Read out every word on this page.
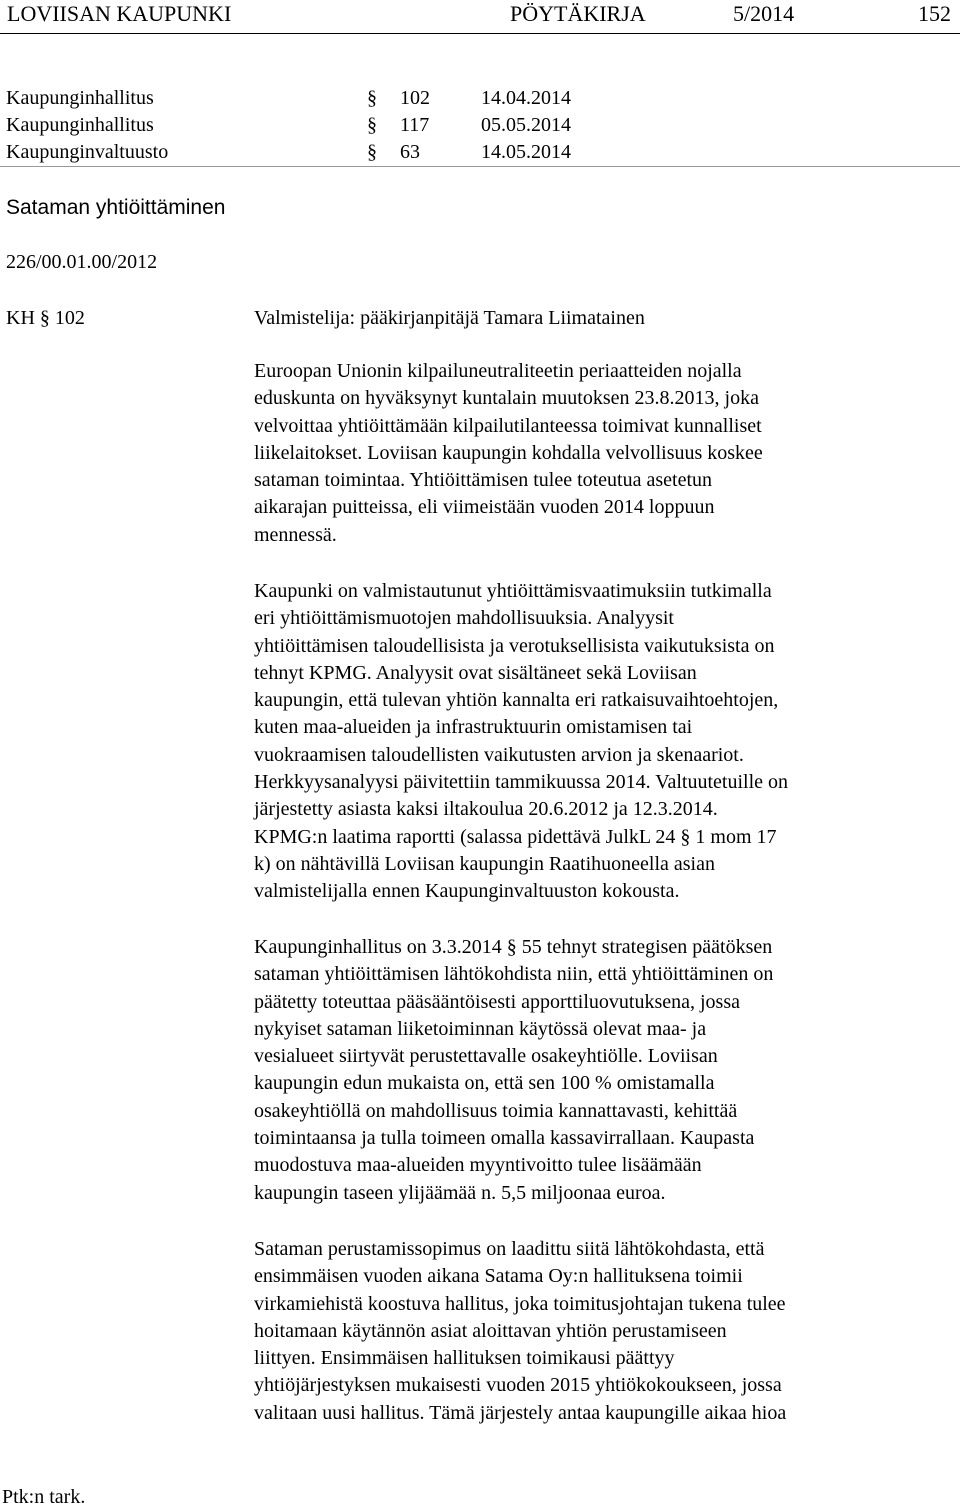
LOVIISAN KAUPUNKI	PÖYTÄKIRJA	5/2014	152
Kaupunginhallitus	§ 102	14.04.2014
Kaupunginhallitus	§ 117	05.05.2014
Kaupunginvaltuusto	§ 63	14.05.2014
Sataman yhtiöittäminen
226/00.01.00/2012
KH § 102	Valmistelija: pääkirjanpitäjä Tamara Liimatainen
Euroopan Unionin kilpailuneutraliteetin periaatteiden nojalla
eduskunta on hyväksynyt kuntalain muutoksen 23.8.2013, joka
velvoittaa yhtiöittämään kilpailutilanteessa toimivat kunnalliset
liikelaitokset. Loviisan kaupungin kohdalla velvollisuus koskee
sataman toimintaa. Yhtiöittämisen tulee toteutua asetetun
aikarajan puitteissa, eli viimeistään vuoden 2014 loppuun
mennessä.
Kaupunki on valmistautunut yhtiöittämisvaatimuksiin tutkimalla
eri yhtiöittämismuotojen mahdollisuuksia. Analyysit
yhtiöittämisen taloudellisista ja verotuksellisista vaikutuksista on
tehnyt KPMG. Analyysit ovat sisältäneet sekä Loviisan
kaupungin, että tulevan yhtiön kannalta eri ratkaisuvaihtoehtojen,
kuten maa-alueiden ja infrastruktuurin omistamisen tai
vuokraamisen taloudellisten vaikutusten arvion ja skenaariot.
Herkkyysanalyysi päivitettiin tammikuussa 2014. Valtuutetuille on
järjestetty asiasta kaksi iltakoulua 20.6.2012 ja 12.3.2014.
KPMG:n laatima raportti (salassa pidettävä JulkL 24 § 1 mom 17
k) on nähtävillä Loviisan kaupungin Raatihuoneella asian
valmistelijalla ennen Kaupunginvaltuuston kokousta.
Kaupunginhallitus on 3.3.2014 § 55 tehnyt strategisen päätöksen
sataman yhtiöittämisen lähtökohdista niin, että yhtiöittäminen on
päätetty toteuttaa pääsääntöisesti apporttiluovutuksena, jossa
nykyiset sataman liiketoiminnan käytössä olevat maa- ja
vesialueet siirtyvät perustettavalle osakeyhtiölle. Loviisan
kaupungin edun mukaista on, että sen 100 % omistamalla
osakeyhtiöllä on mahdollisuus toimia kannattavasti, kehittää
toimintaansa ja tulla toimeen omalla kassavirrallaan. Kaupasta
muodostuva maa-alueiden myyntivoitto tulee lisäämään
kaupungin taseen ylijäämää n. 5,5 miljoonaa euroa.
Sataman perustamissopimus on laadittu siitä lähtökohdasta, että
ensimmäisen vuoden aikana Satama Oy:n hallituksena toimii
virkamiehistä koostuva hallitus, joka toimitusjohtajan tukena tulee
hoitamaan käytännön asiat aloittavan yhtiön perustamiseen
liittyen. Ensimmäisen hallituksen toimikausi päättyy
yhtiöjärjestyksen mukaisesti vuoden 2015 yhtiökokoukseen, jossa
valitaan uusi hallitus. Tämä järjestely antaa kaupungille aikaa hioa
Ptk:n tark.
